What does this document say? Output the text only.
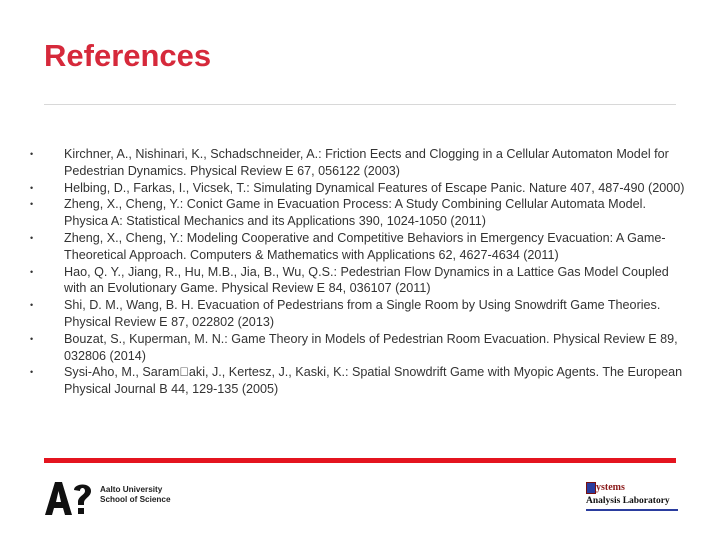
References
•	Kirchner, A., Nishinari, K., Schadschneider, A.: Friction Eects and Clogging in a Cellular Automaton Model for Pedestrian Dynamics. Physical Review E 67, 056122 (2003)
•	Helbing, D., Farkas, I., Vicsek, T.: Simulating Dynamical Features of Escape Panic. Nature 407, 487-490 (2000)
•	Zheng, X., Cheng, Y.: Conict Game in Evacuation Process: A Study Combining Cellular Automata Model. Physica A: Statistical Mechanics and its Applications 390, 1024-1050 (2011)
•	Zheng, X., Cheng, Y.: Modeling Cooperative and Competitive Behaviors in Emergency Evacuation: A Game-Theoretical Approach. Computers & Mathematics with Applications 62, 4627-4634 (2011)
•	Hao, Q. Y., Jiang, R., Hu, M.B., Jia, B., Wu, Q.S.: Pedestrian Flow Dynamics in a Lattice Gas Model Coupled with an Evolutionary Game. Physical Review E 84, 036107 (2011)
•	Shi, D. M., Wang, B. H. Evacuation of Pedestrians from a Single Room by Using Snowdrift Game Theories. Physical Review E 87, 022802 (2013)
•	Bouzat, S., Kuperman, M. N.: Game Theory in Models of Pedestrian Room Evacuation. Physical Review E 89, 032806 (2014)
•	Sysi-Aho, M., Saram aki, J., Kertesz, J., Kaski, K.: Spatial Snowdrift Game with Myopic Agents. The European Physical Journal B 44, 129-135 (2005)
Aalto University
School of Science
ystems
Analysis Laboratory
